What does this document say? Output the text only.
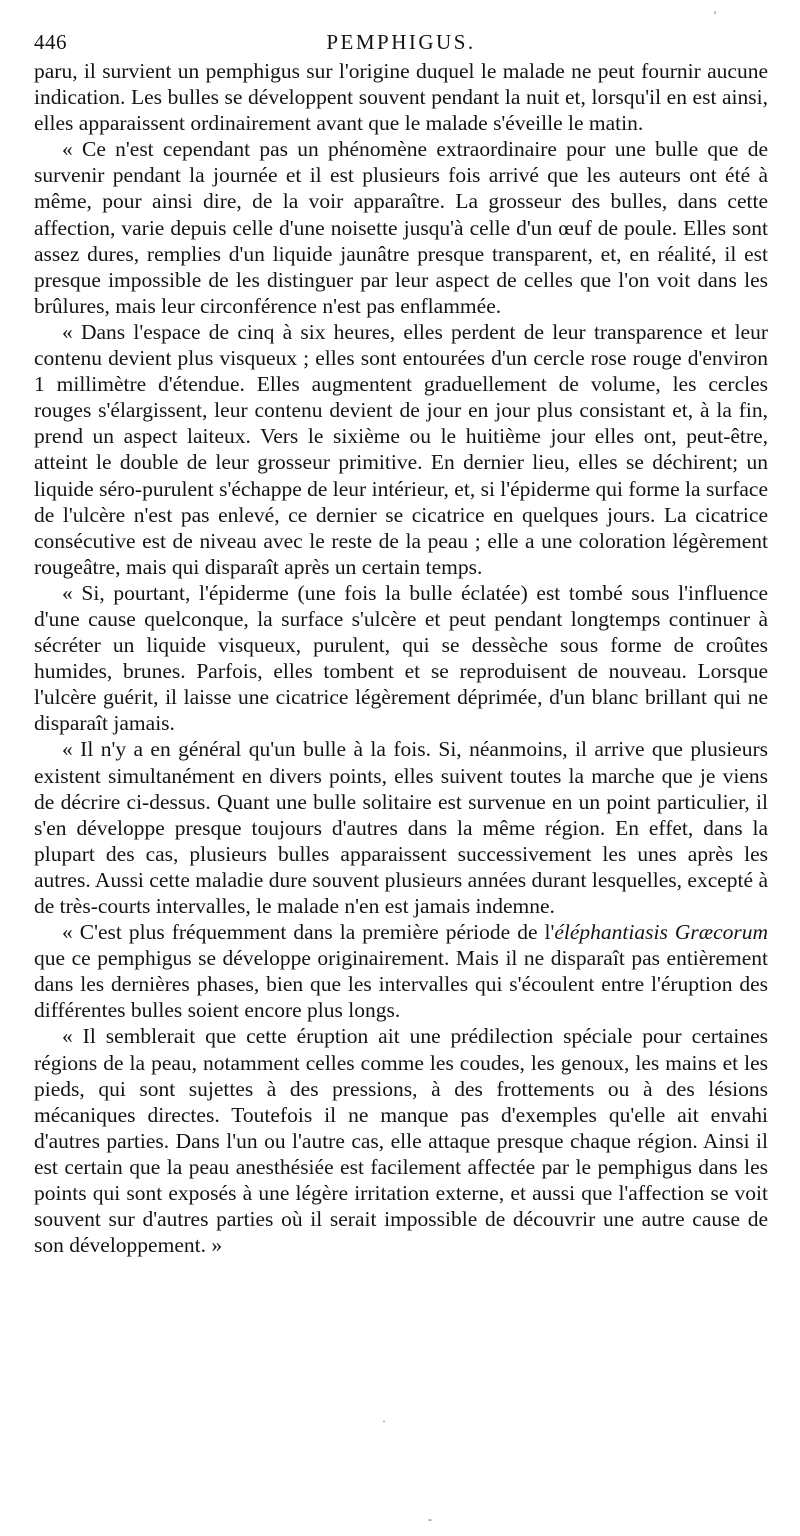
446	PEMPHIGUS.

paru, il survient un pemphigus sur l'origine duquel le malade ne peut fournir aucune indication. Les bulles se développent souvent pendant la nuit et, lorsqu'il en est ainsi, elles apparaissent ordinairement avant que le malade s'éveille le matin.

« Ce n'est cependant pas un phénomène extraordinaire pour une bulle que de survenir pendant la journée et il est plusieurs fois arrivé que les auteurs ont été à même, pour ainsi dire, de la voir apparaître. La grosseur des bulles, dans cette affection, varie depuis celle d'une noisette jusqu'à celle d'un œuf de poule. Elles sont assez dures, remplies d'un liquide jaunâtre presque transparent, et, en réalité, il est presque impossible de les distinguer par leur aspect de celles que l'on voit dans les brûlures, mais leur circonférence n'est pas enflammée.

« Dans l'espace de cinq à six heures, elles perdent de leur transparence et leur contenu devient plus visqueux ; elles sont entourées d'un cercle rose rouge d'environ 1 millimètre d'étendue. Elles augmentent graduellement de volume, les cercles rouges s'élargissent, leur contenu devient de jour en jour plus consistant et, à la fin, prend un aspect laiteux. Vers le sixième ou le huitième jour elles ont, peut-être, atteint le double de leur grosseur primitive. En dernier lieu, elles se déchirent; un liquide séro-purulent s'échappe de leur intérieur, et, si l'épiderme qui forme la surface de l'ulcère n'est pas enlevé, ce dernier se cicatrice en quelques jours. La cicatrice consécutive est de niveau avec le reste de la peau ; elle a une coloration légèrement rougeâtre, mais qui disparaît après un certain temps.

« Si, pourtant, l'épiderme (une fois la bulle éclatée) est tombé sous l'influence d'une cause quelconque, la surface s'ulcère et peut pendant longtemps continuer à sécréter un liquide visqueux, purulent, qui se dessèche sous forme de croûtes humides, brunes. Parfois, elles tombent et se reproduisent de nouveau. Lorsque l'ulcère guérit, il laisse une cicatrice légèrement déprimée, d'un blanc brillant qui ne disparaît jamais.

« Il n'y a en général qu'un bulle à la fois. Si, néanmoins, il arrive que plusieurs existent simultanément en divers points, elles suivent toutes la marche que je viens de décrire ci-dessus. Quant une bulle solitaire est survenue en un point particulier, il s'en développe presque toujours d'autres dans la même région. En effet, dans la plupart des cas, plusieurs bulles apparaissent successivement les unes après les autres. Aussi cette maladie dure souvent plusieurs années durant lesquelles, excepté à de très-courts intervalles, le malade n'en est jamais indemne.

« C'est plus fréquemment dans la première période de l'éléphantiasis Græcorum que ce pemphigus se développe originairement. Mais il ne disparaît pas entièrement dans les dernières phases, bien que les intervalles qui s'écoulent entre l'éruption des différentes bulles soient encore plus longs.

« Il semblerait que cette éruption ait une prédilection spéciale pour certaines régions de la peau, notamment celles comme les coudes, les genoux, les mains et les pieds, qui sont sujettes à des pressions, à des frottements ou à des lésions mécaniques directes. Toutefois il ne manque pas d'exemples qu'elle ait envahi d'autres parties. Dans l'un ou l'autre cas, elle attaque presque chaque région. Ainsi il est certain que la peau anesthésiée est facilement affectée par le pemphigus dans les points qui sont exposés à une légère irritation externe, et aussi que l'affection se voit souvent sur d'autres parties où il serait impossible de découvrir une autre cause de son développement. »

'
·
-
